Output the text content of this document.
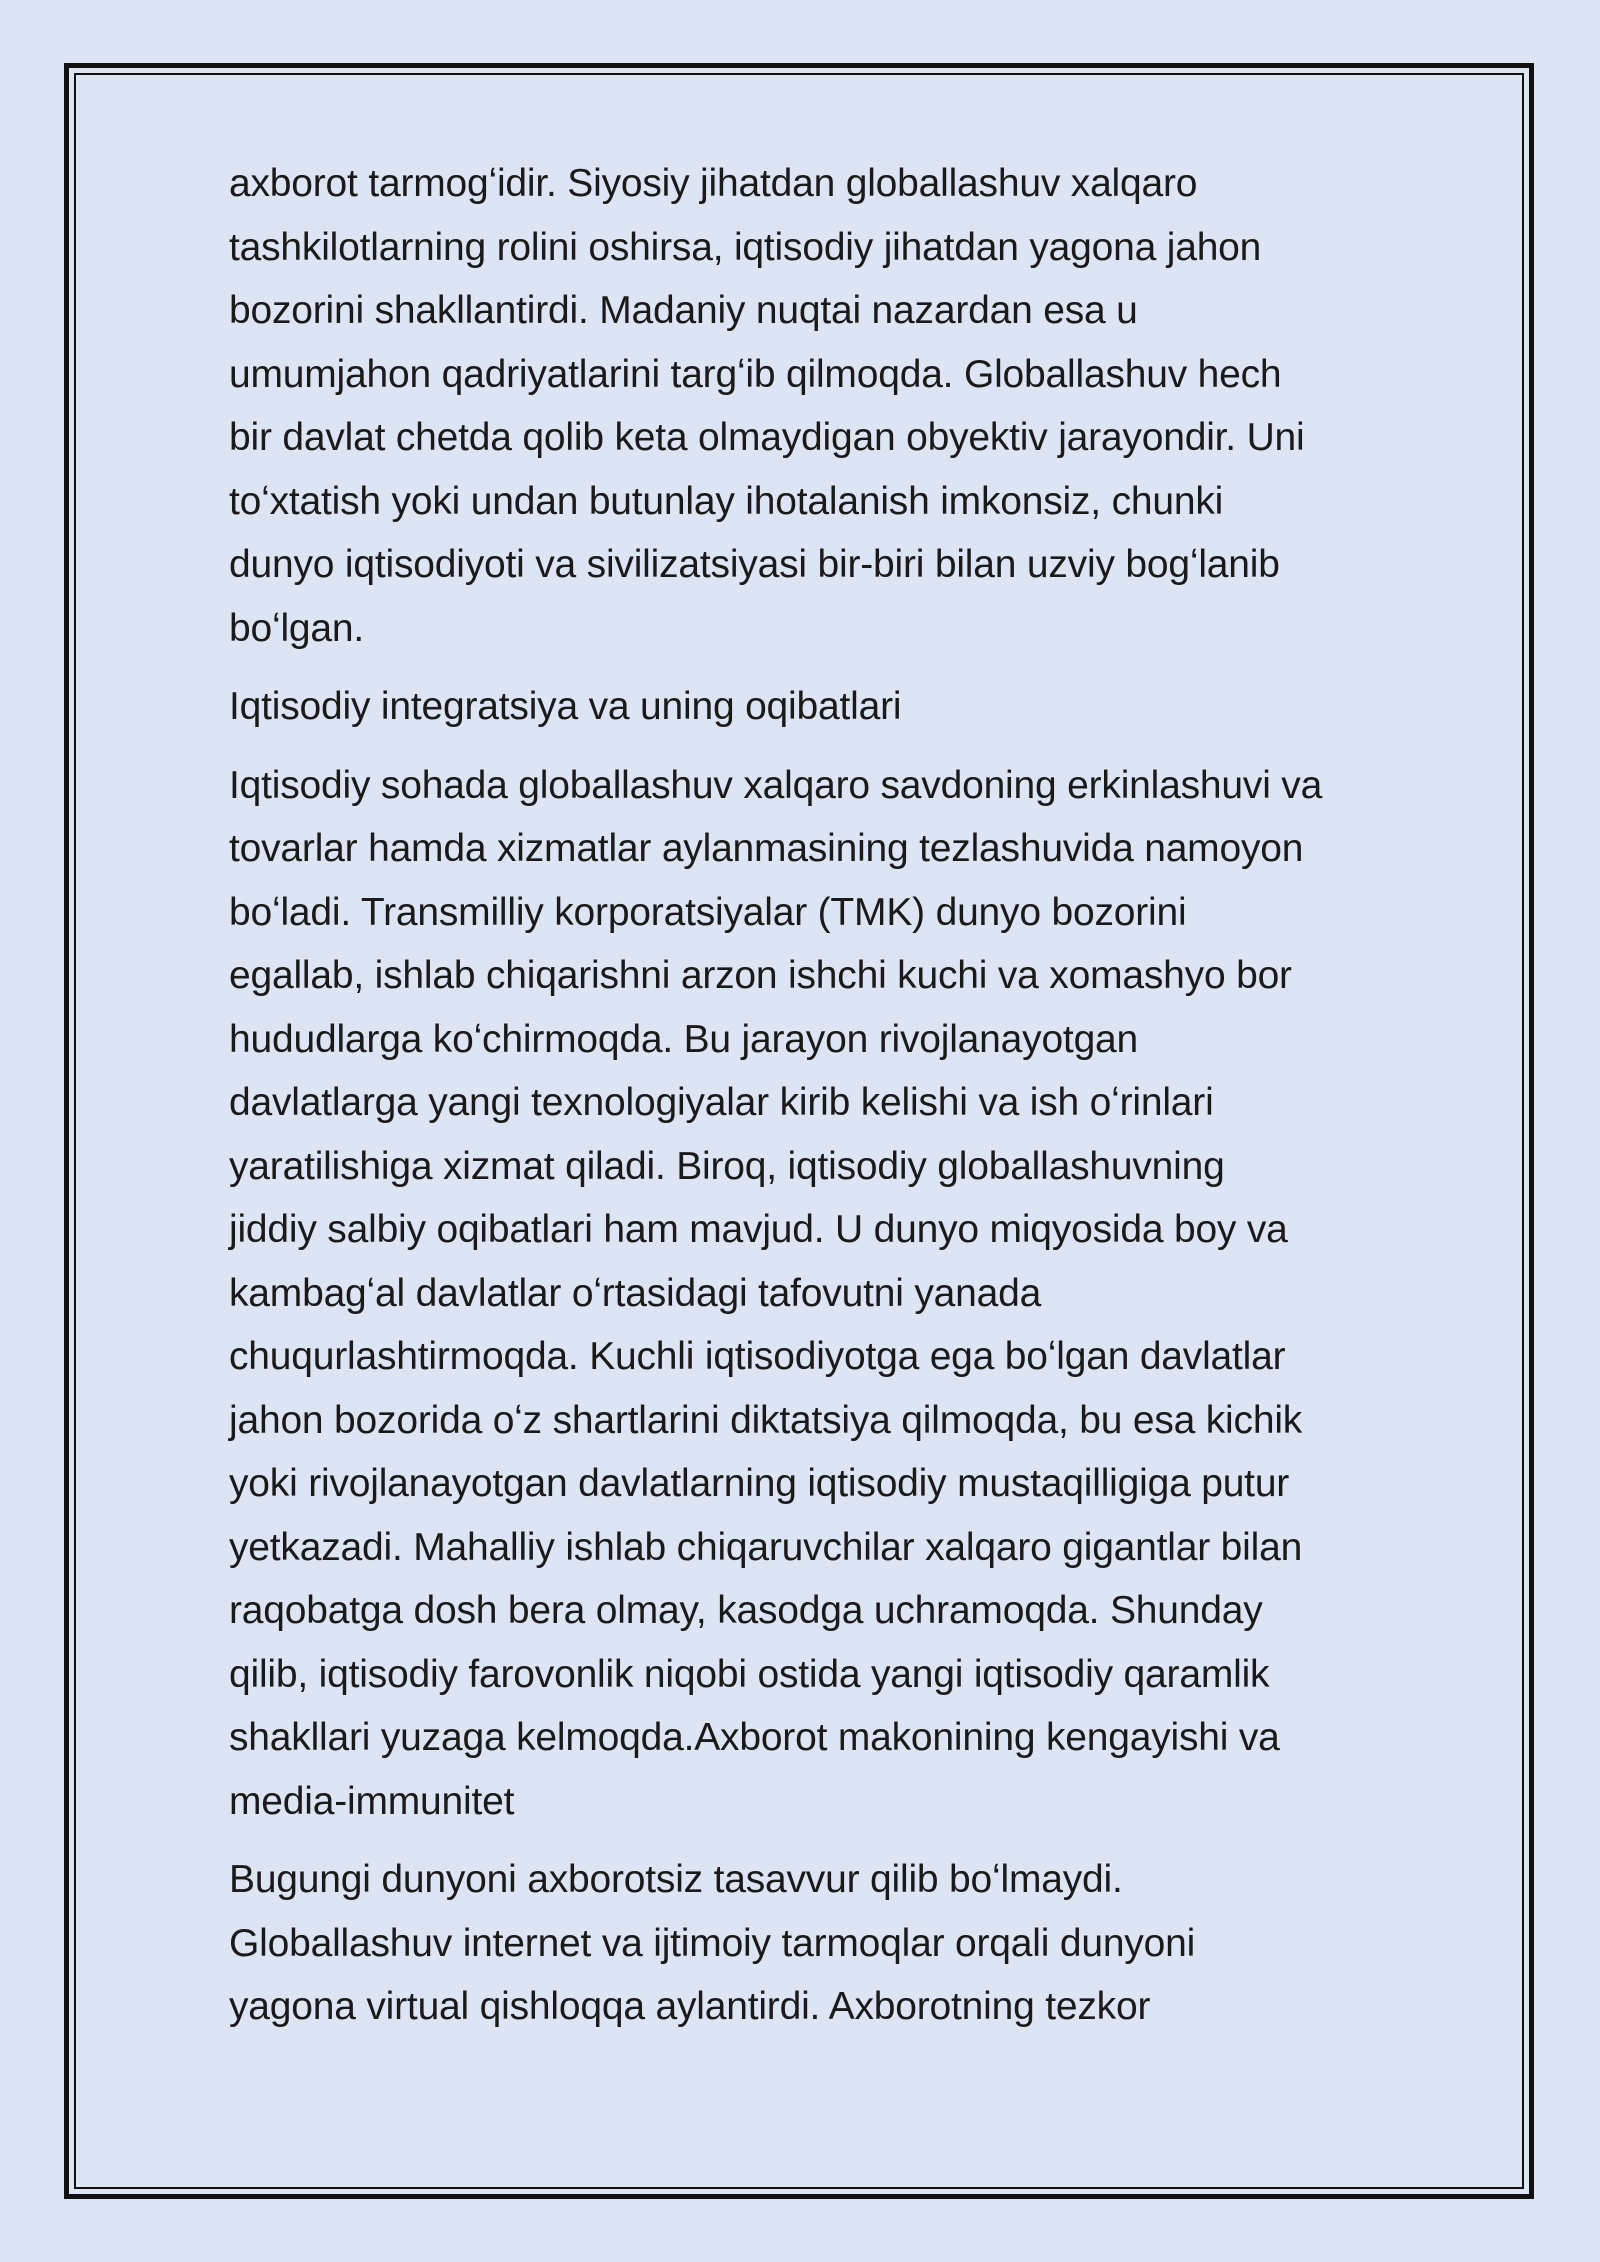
axborot tarmogʻidir. Siyosiy jihatdan globallashuv xalqaro
tashkilotlarning rolini oshirsa, iqtisodiy jihatdan yagona jahon
bozorini shakllantirdi. Madaniy nuqtai nazardan esa u
umumjahon qadriyatlarini targʻib qilmoqda. Globallashuv hech
bir davlat chetda qolib keta olmaydigan obyektiv jarayondir. Uni
toʻxtatish yoki undan butunlay ihotalanish imkonsiz, chunki
dunyo iqtisodiyoti va sivilizatsiyasi bir-biri bilan uzviy bogʻlanib
boʻlgan.

Iqtisodiy integratsiya va uning oqibatlari

Iqtisodiy sohada globallashuv xalqaro savdoning erkinlashuvi va
tovarlar hamda xizmatlar aylanmasining tezlashuvida namoyon
boʻladi. Transmilliy korporatsiyalar (TMK) dunyo bozorini
egallab, ishlab chiqarishni arzon ishchi kuchi va xomashyo bor
hududlarga koʻchirmoqda. Bu jarayon rivojlanayotgan
davlatlarga yangi texnologiyalar kirib kelishi va ish oʻrinlari
yaratilishiga xizmat qiladi. Biroq, iqtisodiy globallashuvning
jiddiy salbiy oqibatlari ham mavjud. U dunyo miqyosida boy va
kambagʻal davlatlar oʻrtasidagi tafovutni yanada
chuqurlashtirmoqda. Kuchli iqtisodiyotga ega boʻlgan davlatlar
jahon bozorida oʻz shartlarini diktatsiya qilmoqda, bu esa kichik
yoki rivojlanayotgan davlatlarning iqtisodiy mustaqilligiga putur
yetkazadi. Mahalliy ishlab chiqaruvchilar xalqaro gigantlar bilan
raqobatga dosh bera olmay, kasodga uchramoqda. Shunday
qilib, iqtisodiy farovonlik niqobi ostida yangi iqtisodiy qaramlik
shakllari yuzaga kelmoqda.Axborot makonining kengayishi va
media-immunitet

Bugungi dunyoni axborotsiz tasavvur qilib boʻlmaydi.
Globallashuv internet va ijtimoiy tarmoqlar orqali dunyoni
yagona virtual qishloqqa aylantirdi. Axborotning tezkor
